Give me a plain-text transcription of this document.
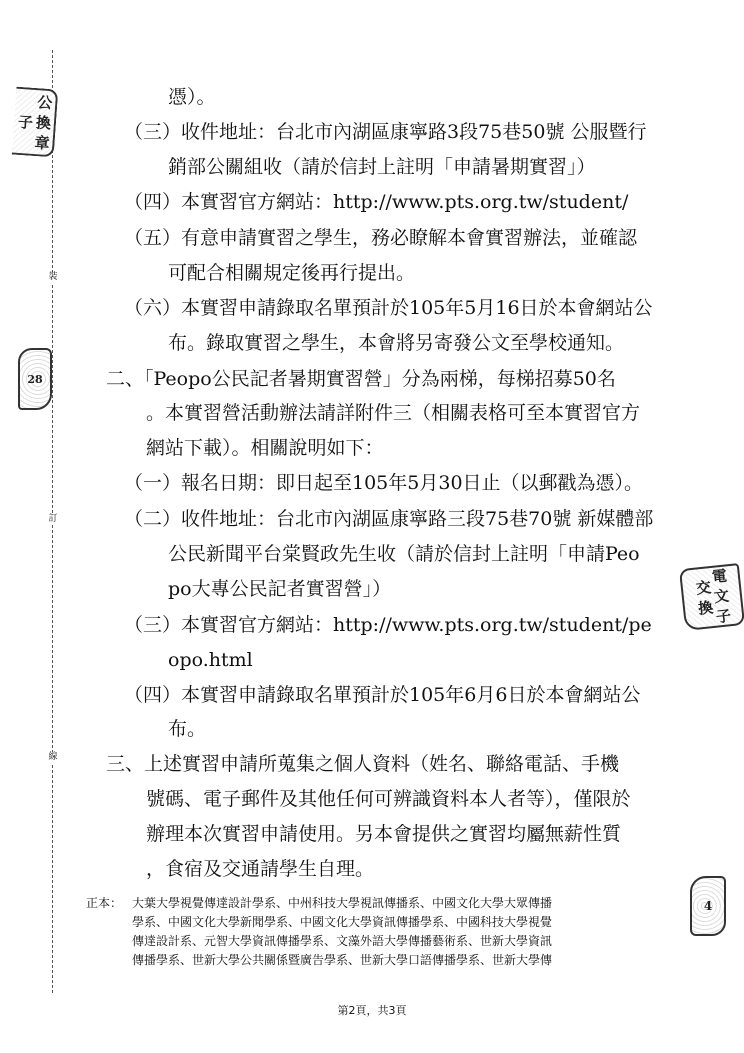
裝
訂
線
公 換 章 子
28
電 文 子 交 換
4
憑）。
（三）收件地址：台北市內湖區康寧路3段75巷50號 公服暨行
銷部公關組收（請於信封上註明「申請暑期實習」）
（四）本實習官方網站：http://www.pts.org.tw/student/
（五）有意申請實習之學生，務必瞭解本會實習辦法，並確認
可配合相關規定後再行提出。
（六）本實習申請錄取名單預計於105年5月16日於本會網站公
布。錄取實習之學生，本會將另寄發公文至學校通知。
二、「Peopo公民記者暑期實習營」分為兩梯，每梯招募50名
。本實習營活動辦法請詳附件三（相關表格可至本實習官方
網站下載）。相關說明如下：
（一）報名日期：即日起至105年5月30日止（以郵戳為憑）。
（二）收件地址：台北市內湖區康寧路三段75巷70號 新媒體部
公民新聞平台棠賢政先生收（請於信封上註明「申請Peo
po大專公民記者實習營」）
（三）本實習官方網站：http://www.pts.org.tw/student/pe
opo.html
（四）本實習申請錄取名單預計於105年6月6日於本會網站公
布。
三、上述實習申請所蒐集之個人資料（姓名、聯絡電話、手機
號碼、電子郵件及其他任何可辨識資料本人者等），僅限於
辦理本次實習申請使用。另本會提供之實習均屬無薪性質
，食宿及交通請學生自理。
正本： 大葉大學視覺傳達設計學系、中州科技大學視訊傳播系、中國文化大學大眾傳播
學系、中國文化大學新聞學系、中國文化大學資訊傳播學系、中國科技大學視覺
傳達設計系、元智大學資訊傳播學系、文藻外語大學傳播藝術系、世新大學資訊
傳播學系、世新大學公共關係暨廣告學系、世新大學口語傳播學系、世新大學傳
第2頁，共3頁
